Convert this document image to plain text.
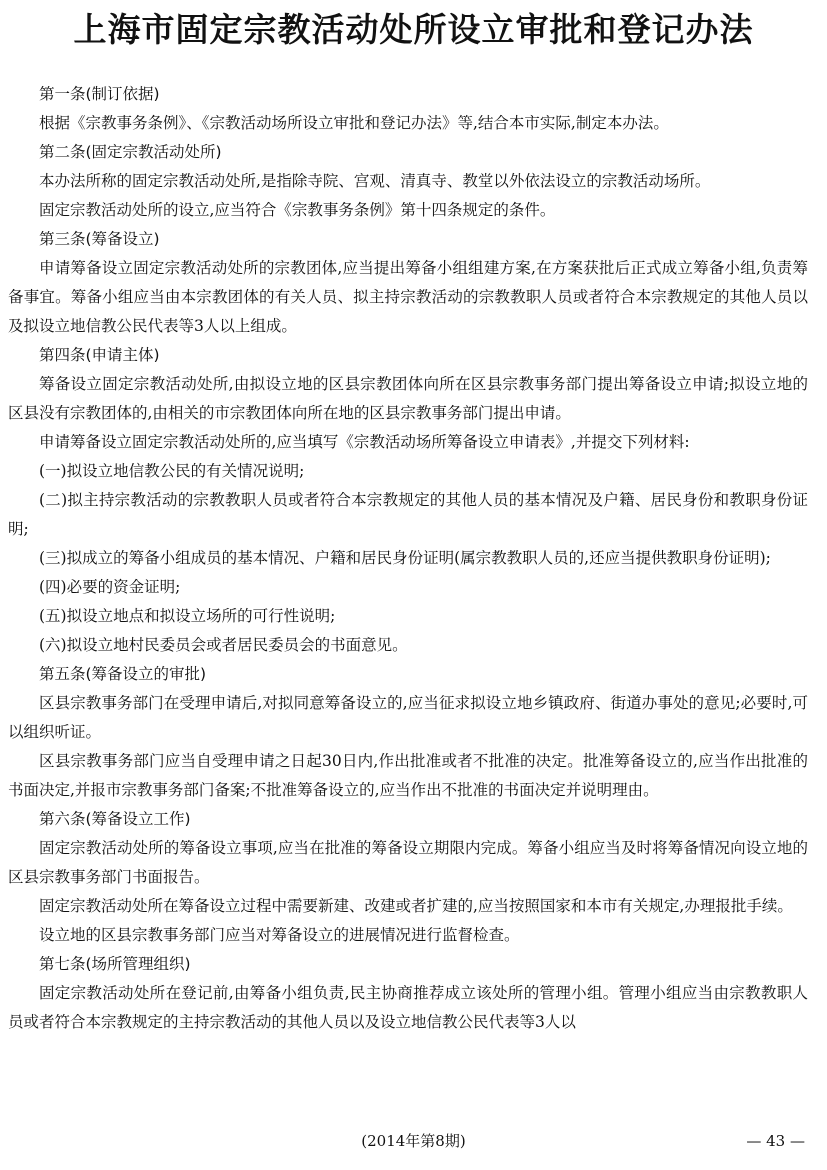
上海市固定宗教活动处所设立审批和登记办法

第一条(制订依据)

根据《宗教事务条例》、《宗教活动场所设立审批和登记办法》等,结合本市实际,制定本办法。

第二条(固定宗教活动处所)

本办法所称的固定宗教活动处所,是指除寺院、宫观、清真寺、教堂以外依法设立的宗教活动场所。

固定宗教活动处所的设立,应当符合《宗教事务条例》第十四条规定的条件。

第三条(筹备设立)

申请筹备设立固定宗教活动处所的宗教团体,应当提出筹备小组组建方案,在方案获批后正式成立筹备小组,负责筹备事宜。筹备小组应当由本宗教团体的有关人员、拟主持宗教活动的宗教教职人员或者符合本宗教规定的其他人员以及拟设立地信教公民代表等3人以上组成。

第四条(申请主体)

筹备设立固定宗教活动处所,由拟设立地的区县宗教团体向所在区县宗教事务部门提出筹备设立申请;拟设立地的区县没有宗教团体的,由相关的市宗教团体向所在地的区县宗教事务部门提出申请。

申请筹备设立固定宗教活动处所的,应当填写《宗教活动场所筹备设立申请表》,并提交下列材料:

(一)拟设立地信教公民的有关情况说明;

(二)拟主持宗教活动的宗教教职人员或者符合本宗教规定的其他人员的基本情况及户籍、居民身份和教职身份证明;

(三)拟成立的筹备小组成员的基本情况、户籍和居民身份证明(属宗教教职人员的,还应当提供教职身份证明);

(四)必要的资金证明;

(五)拟设立地点和拟设立场所的可行性说明;

(六)拟设立地村民委员会或者居民委员会的书面意见。

第五条(筹备设立的审批)

区县宗教事务部门在受理申请后,对拟同意筹备设立的,应当征求拟设立地乡镇政府、街道办事处的意见;必要时,可以组织听证。

区县宗教事务部门应当自受理申请之日起30日内,作出批准或者不批准的决定。批准筹备设立的,应当作出批准的书面决定,并报市宗教事务部门备案;不批准筹备设立的,应当作出不批准的书面决定并说明理由。

第六条(筹备设立工作)

固定宗教活动处所的筹备设立事项,应当在批准的筹备设立期限内完成。筹备小组应当及时将筹备情况向设立地的区县宗教事务部门书面报告。

固定宗教活动处所在筹备设立过程中需要新建、改建或者扩建的,应当按照国家和本市有关规定,办理报批手续。

设立地的区县宗教事务部门应当对筹备设立的进展情况进行监督检查。

第七条(场所管理组织)

固定宗教活动处所在登记前,由筹备小组负责,民主协商推荐成立该处所的管理小组。管理小组应当由宗教教职人员或者符合本宗教规定的主持宗教活动的其他人员以及设立地信教公民代表等3人以

(2014年第8期)	— 43 —
